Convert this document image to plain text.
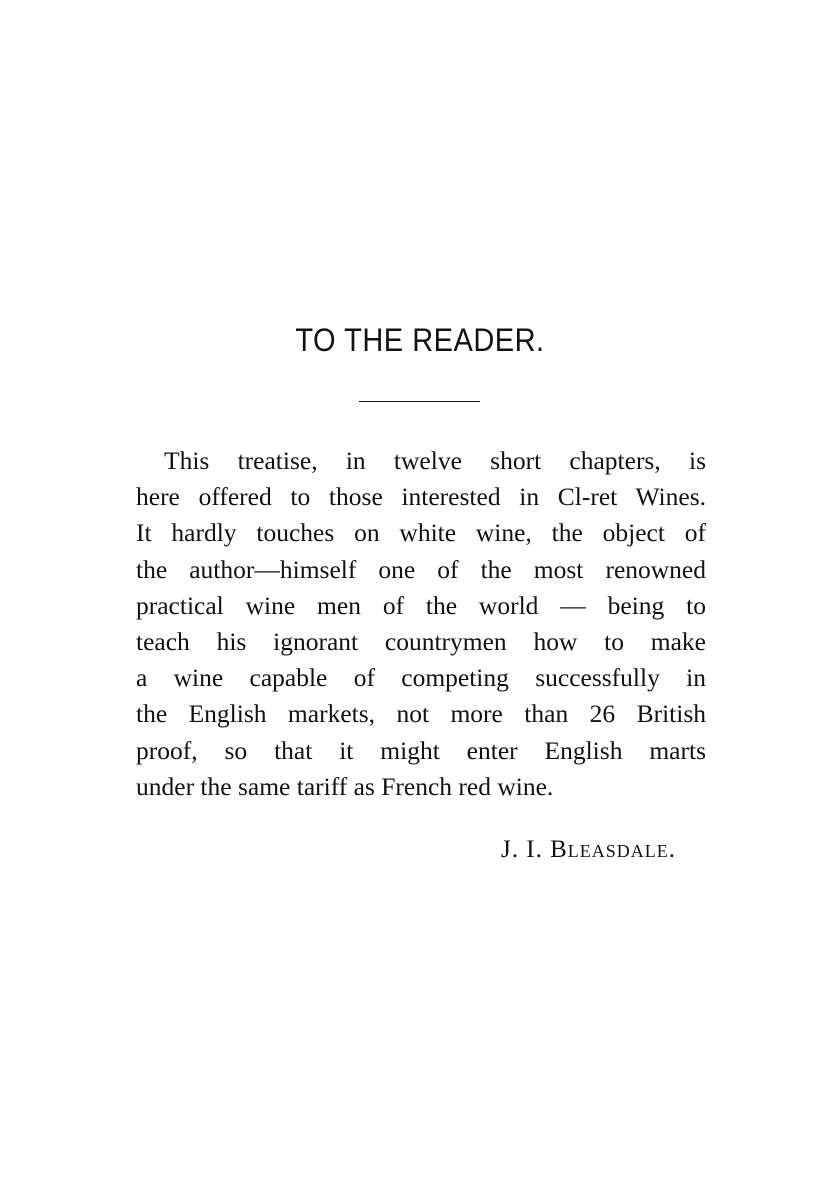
TO THE READER.
This treatise, in twelve short chapters, is
here offered to those interested in Cl-ret Wines.
It hardly touches on white wine, the object of
the author—himself one of the most renowned
practical wine men of the world — being to
teach his ignorant countrymen how to make
a wine capable of competing successfully in
the English markets, not more than 26 British
proof, so that it might enter English marts
under the same tariff as French red wine.

J. I. Bleasdale.
